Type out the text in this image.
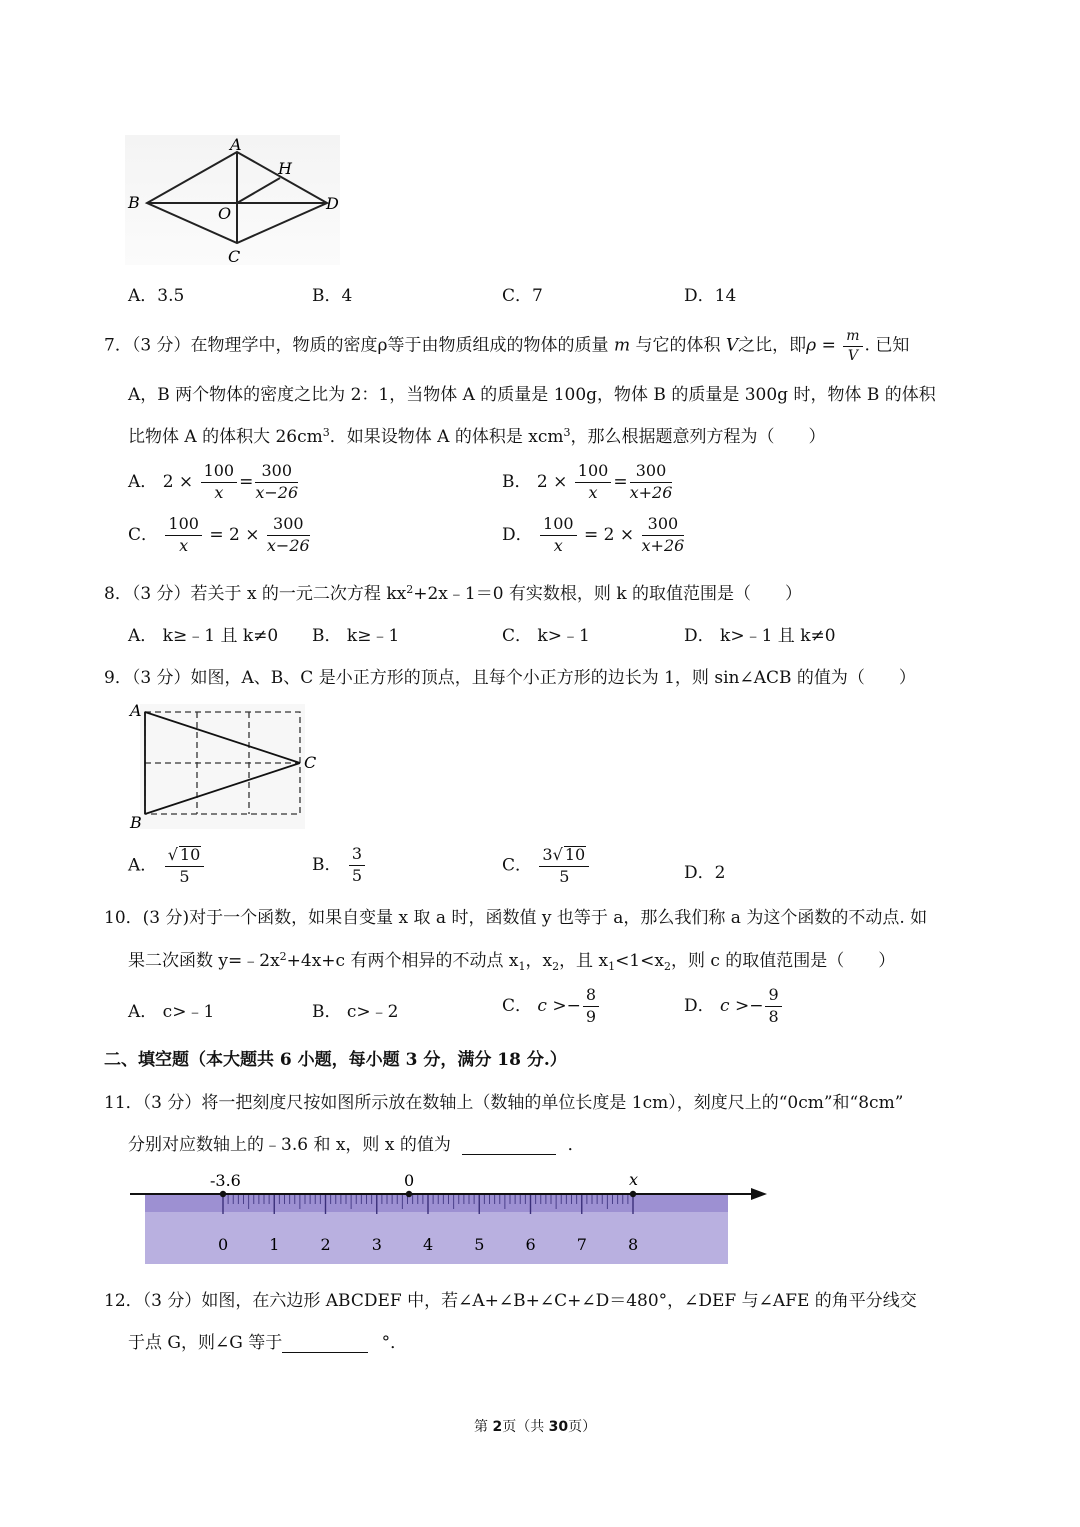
A
B
C
D
O
H
A．3.5	B．4	C．7	D．14
7．（3 分）在物理学中，物质的密度ρ等于由物质组成的物体的质量 m 与它的体积 V之比，即$\rho = \frac{m}{V}$ . 已知
A，B 两个物体的密度之比为 2：1，当物体 A 的质量是 100g，物体 B 的质量是 300g 时，物体 B 的体积
比物体 A 的体积大 $26cm^3$．如果设物体 A 的体积是 xcm$^3$，那么根据题意列方程为（　　）
A． $2 \times \frac{100}{x} = \frac{300}{x-26}$	B． $2 \times \frac{100}{x} = \frac{300}{x+26}$
C． $\frac{100}{x} = 2 \times \frac{300}{x-26}$	D． $\frac{100}{x} = 2 \times \frac{300}{x+26}$
8．（3 分）若关于 x 的一元二次方程 $kx^2+2x﹣1=0$ 有实数根，则 k 的取值范围是（　　）
A． k≥﹣1 且 k≠0 B． k≥﹣1	C． k>﹣1	D． k>﹣1 且 k≠0
9．（3 分）如图，A、B、C 是小正方形的顶点，且每个小正方形的边长为 1，则 sin∠ACB 的值为（　　）
A
B
C
A． $\frac{√ 10}{5}$	B． $\frac{3}{5}$	C． $\frac{3√ 10}{5}$	D．2
10．(3 分)对于一个函数，如果自变量 x 取 a 时，函数值 y 也等于 a，那么我们称 a 为这个函数的不动点. 如
果二次函数 $y=﹣2x^2+4x+c$ 有两个相异的不动点 $x_1$，$x_2$，且 $x_1<1<x_2$，则 c 的取值范围是（　　）
A． c>﹣1	B． c>﹣2	C． $c >- \frac{8}{9}$	D． $c >- \frac{9}{8}$
二、填空题（本大题共 6 小题，每小题 3 分，满分 18 分.）
11．（3 分）将一把刻度尺按如图所示放在数轴上（数轴的单位长度是 1cm），刻度尺上的“0cm”和“8cm”
分别对应数轴上的﹣3.6 和 x，则 x 的值为	．
-3.6	0	x
0	1	2	3	4	5	6	7	8
12．（3 分）如图，在六边形 ABCDEF 中，若∠A+∠B+∠C+∠D＝480°，∠DEF 与∠AFE 的角平分线交
于点 G，则∠G 等于	°．
第 2页（共 30页）
